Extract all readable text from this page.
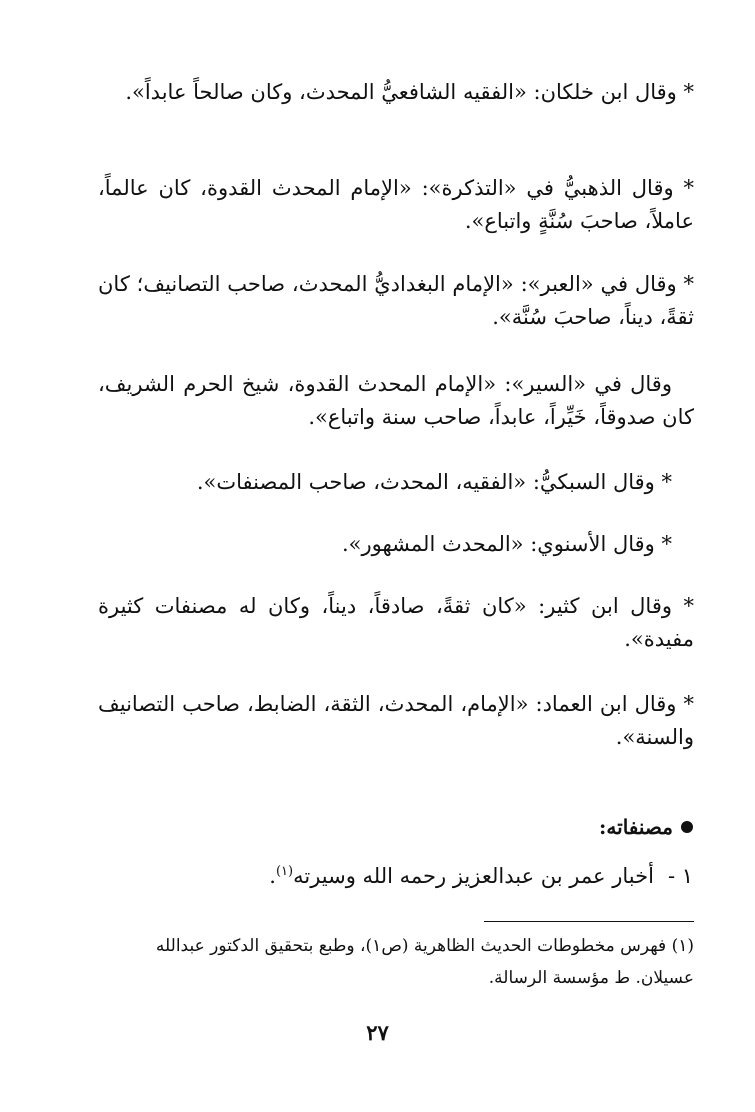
* وقال ابن خلكان: «الفقيه الشافعيُّ المحدث، وكان صالحاً عابداً».

* وقال الذهبيُّ في «التذكرة»: «الإمام المحدث القدوة، كان عالماً، عاملاً، صاحبَ سُنَّةٍ واتباع».

* وقال في «العبر»: «الإمام البغداديُّ المحدث، صاحب التصانيف؛ كان ثقةً، ديناً، صاحبَ سُنَّة».

وقال في «السير»: «الإمام المحدث القدوة، شيخ الحرم الشريف، كان صدوقاً، خَيِّراً، عابداً، صاحب سنة واتباع».

* وقال السبكيُّ: «الفقيه، المحدث، صاحب المصنفات».

* وقال الأسنوي: «المحدث المشهور».

* وقال ابن كثير: «كان ثقةً، صادقاً، ديناً، وكان له مصنفات كثيرة مفيدة».

* وقال ابن العماد: «الإمام، المحدث، الثقة، الضابط، صاحب التصانيف والسنة».

مصنفاته:
١ -
أخبار عمر بن عبدالعزيز رحمه الله وسيرته$^{(١)}$.

(١) فهرس مخطوطات الحديث الظاهرية (ص١)، وطبع بتحقيق الدكتور عبدالله عسيلان. ط مؤسسة الرسالة.

٢٧
